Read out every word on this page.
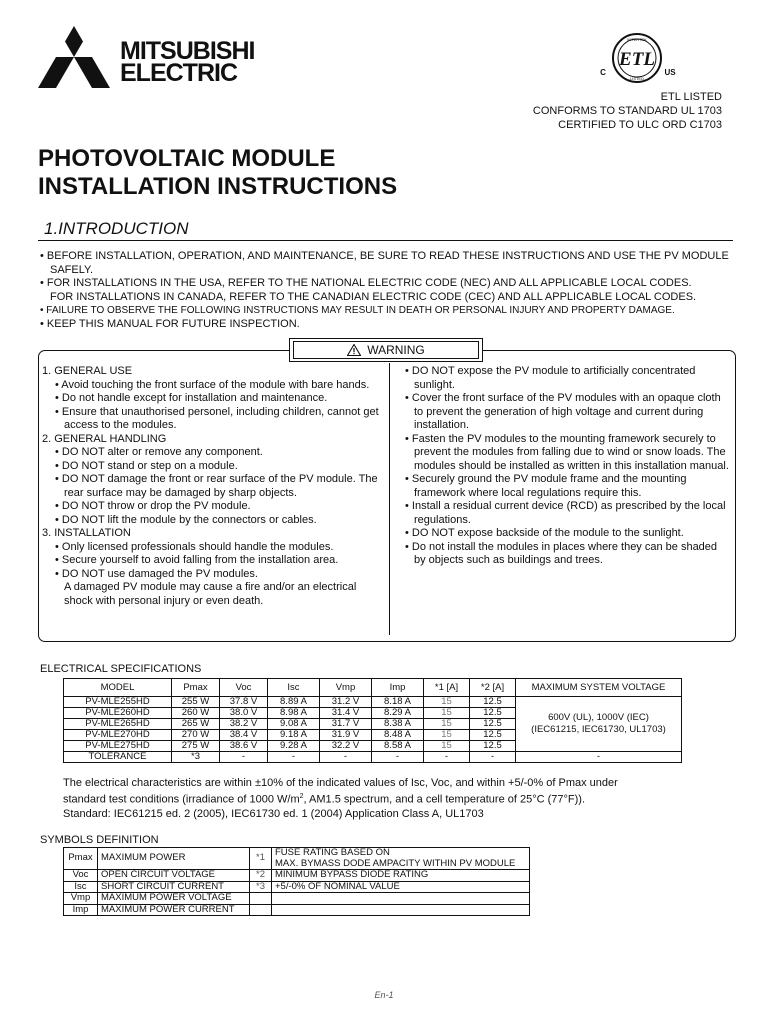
MITSUBISHI
ELECTRIC	ETL
INTERTEK
LISTED
C	US
ETL LISTED
CONFORMS TO STANDARD UL 1703
CERTIFIED TO ULC ORD C1703
PHOTOVOLTAIC MODULE
INSTALLATION INSTRUCTIONS
1.INTRODUCTION
• BEFORE INSTALLATION, OPERATION, AND MAINTENANCE, BE SURE TO READ THESE INSTRUCTIONS AND USE THE PV MODULE SAFELY.
• FOR INSTALLATIONS IN THE USA, REFER TO THE NATIONAL ELECTRIC CODE (NEC) AND ALL APPLICABLE LOCAL CODES.
FOR INSTALLATIONS IN CANADA, REFER TO THE CANADIAN ELECTRIC CODE (CEC) AND ALL APPLICABLE LOCAL CODES.
• FAILURE TO OBSERVE THE FOLLOWING INSTRUCTIONS MAY RESULT IN DEATH OR PERSONAL INJURY AND PROPERTY DAMAGE.
• KEEP THIS MANUAL FOR FUTURE INSPECTION.
WARNING
1. GENERAL USE
• Avoid touching the front surface of the module with bare hands.
• Do not handle except for installation and maintenance.
• Ensure that unauthorised personel, including children, cannot get access to the modules.
2. GENERAL HANDLING
• DO NOT alter or remove any component.
• DO NOT stand or step on a module.
• DO NOT damage the front or rear surface of the PV module. The rear surface may be damaged by sharp objects.
• DO NOT throw or drop the PV module.
• DO NOT lift the module by the connectors or cables.
3. INSTALLATION
• Only licensed professionals should handle the modules.
• Secure yourself to avoid falling from the installation area.
• DO NOT use damaged the PV modules.
A damaged PV module may cause a fire and/or an electrical shock with personal injury or even death.
• DO NOT expose the PV module to artificially concentrated sunlight.
• Cover the front surface of the PV modules with an opaque cloth to prevent the generation of high voltage and current during installation.
• Fasten the PV modules to the mounting framework securely to prevent the modules from falling due to wind or snow loads. The modules should be installed as written in this installation manual.
• Securely ground the PV module frame and the mounting framework where local regulations require this.
• Install a residual current device (RCD) as prescribed by the local regulations.
• DO NOT expose backside of the module to the sunlight.
• Do not install the modules in places where they can be shaded by objects such as buildings and trees.
ELECTRICAL SPECIFICATIONS
MODEL	Pmax	Voc	Isc	Vmp	Imp	*1 [A]	*2 [A]	MAXIMUM SYSTEM VOLTAGE
PV-MLE255HD	255 W	37.8 V	8.89 A	31.2 V	8.18 A	15	12.5	600V (UL), 1000V (IEC)
(IEC61215, IEC61730, UL1703)

PV-MLE260HD	260 W	38.0 V	8.98 A	31.4 V	8.29 A	15	12.5	
PV-MLE265HD	265 W	38.2 V	9.08 A	31.7 V	8.38 A	15	12.5	
PV-MLE270HD	270 W	38.4 V	9.18 A	31.9 V	8.48 A	15	12.5	
PV-MLE275HD	275 W	38.6 V	9.28 A	32.2 V	8.58 A	15	12.5	
TOLERANCE	*3	-	-	-	-	-	-	-
The electrical characteristics are within ±10% of the indicated values of Isc, Voc, and within +5/-0% of Pmax under
standard test conditions (irradiance of 1000 $W/m^2$, AM1.5 spectrum, and a cell temperature of 25°C (77°F)).
Standard: IEC61215 ed. 2 (2005), IEC61730 ed. 1 (2004) Application Class A, UL1703
SYMBOLS DEFINITION
Pmax	MAXIMUM POWER	*1	FUSE RATING BASED ON
MAX. BYMASS DODE AMPACITY WITHIN PV MODULE

Voc	OPEN CIRCUIT VOLTAGE	*2	MINIMUM BYPASS DIODE RATING

Isc	SHORT CIRCUIT CURRENT	*3	+5/-0% OF NOMINAL VALUE

Vmp	MAXIMUM POWER VOLTAGE		

Imp	MAXIMUM POWER CURRENT		
En-1
